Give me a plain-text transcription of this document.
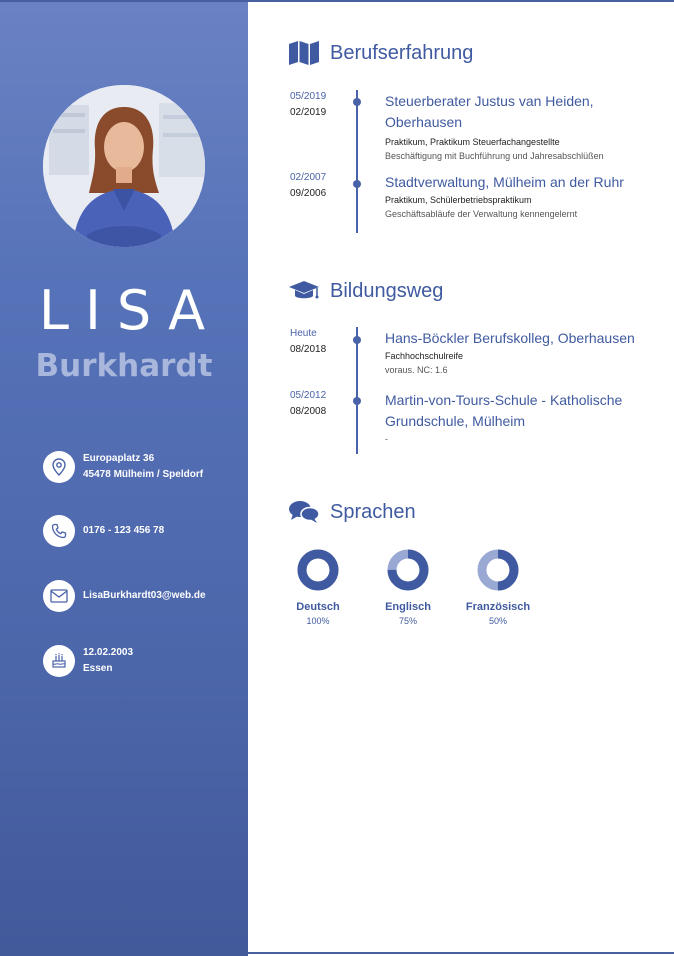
LISA
Burkhardt
Europaplatz 36
45478 Mülheim / Speldorf
0176 - 123 456 78
LisaBurkhardt03@web.de
12.02.2003
Essen
Berufserfahrung
05/2019
02/2019
Steuerberater Justus van Heiden, Oberhausen
Praktikum, Praktikum Steuerfachangestellte
Beschäftigung mit Buchführung und Jahresabschlüßen
02/2007
09/2006
Stadtverwaltung, Mülheim an der Ruhr
Praktikum, Schülerbetriebspraktikum
Geschäftsabläufe der Verwaltung kennengelernt
Bildungsweg
Heute
08/2018
Hans-Böckler Berufskolleg, Oberhausen
Fachhochschulreife
voraus. NC: 1.6
05/2012
08/2008
Martin-von-Tours-Schule - Katholische Grundschule, Mülheim
-
Sprachen
Deutsch
100%
Englisch
75%
Französisch
50%
